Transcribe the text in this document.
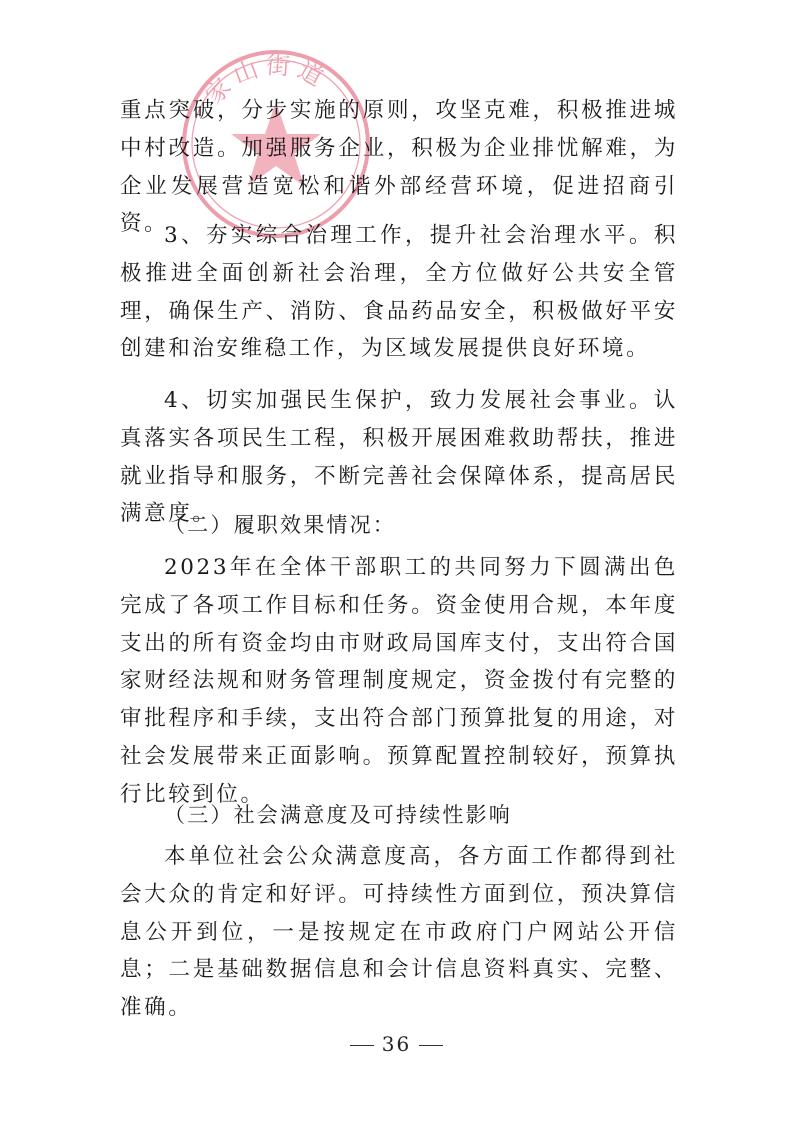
家山街道

重点突破，分步实施的原则，攻坚克难，积极推进城中村改造。加强服务企业，积极为企业排忧解难，为企业发展营造宽松和谐外部经营环境，促进招商引资。

3、夯实综合治理工作，提升社会治理水平。积极推进全面创新社会治理，全方位做好公共安全管理，确保生产、消防、食品药品安全，积极做好平安创建和治安维稳工作，为区域发展提供良好环境。

4、切实加强民生保护，致力发展社会事业。认真落实各项民生工程，积极开展困难救助帮扶，推进就业指导和服务，不断完善社会保障体系，提高居民满意度。

（二）履职效果情况：

2023年在全体干部职工的共同努力下圆满出色完成了各项工作目标和任务。资金使用合规，本年度支出的所有资金均由市财政局国库支付，支出符合国家财经法规和财务管理制度规定，资金拨付有完整的审批程序和手续，支出符合部门预算批复的用途，对社会发展带来正面影响。预算配置控制较好，预算执行比较到位。

（三）社会满意度及可持续性影响

本单位社会公众满意度高，各方面工作都得到社会大众的肯定和好评。可持续性方面到位，预决算信息公开到位，一是按规定在市政府门户网站公开信息；二是基础数据信息和会计信息资料真实、完整、准确。

36
